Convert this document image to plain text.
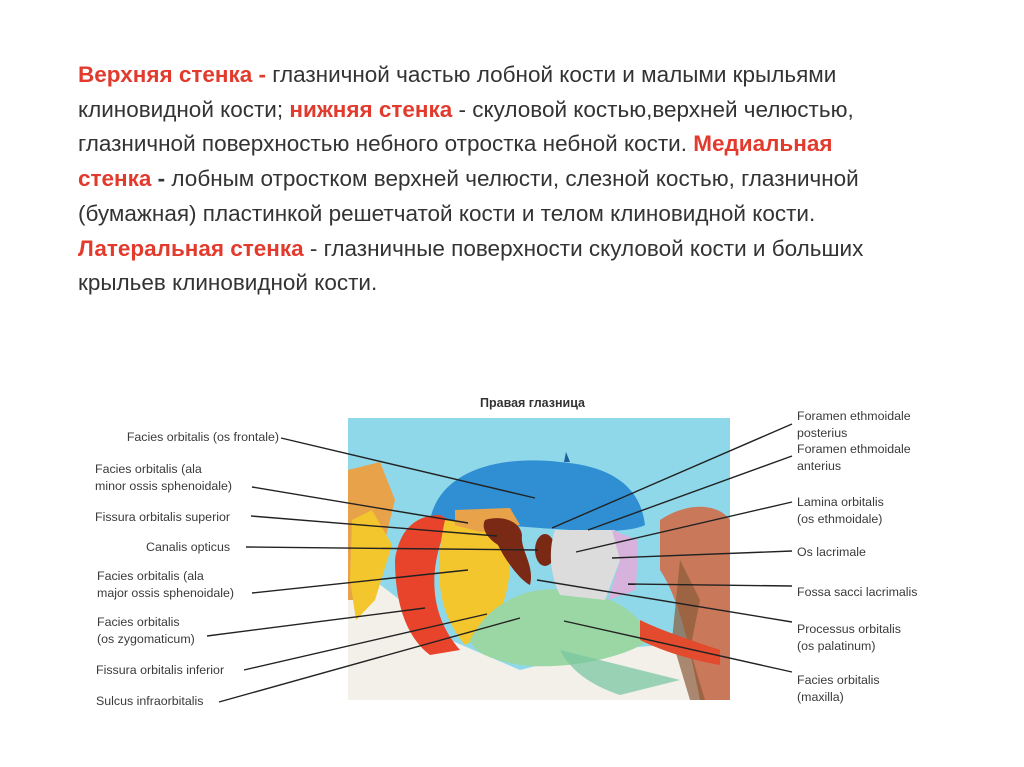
Верхняя стенка - глазничной частью лобной кости и малыми крыльями
клиновидной кости; нижняя стенка - скуловой костью,верхней челюстью,
глазничной поверхностью небного отростка небной кости. Медиальная
стенка - лобным отростком верхней челюсти, слезной костью, глазничной
(бумажная) пластинкой решетчатой кости и телом клиновидной кости.
Латеральная стенка - глазничные поверхности скуловой кости и больших
крыльев клиновидной кости.
Правая глазница
Facies orbitalis (os frontale)
Facies orbitalis (ala
minor ossis sphenoidale)
Fissura orbitalis superior
Canalis opticus
Facies orbitalis (ala
major ossis sphenoidale)
Facies orbitalis
(os zygomaticum)
Fissura orbitalis inferior
Sulcus infraorbitalis
Foramen ethmoidale
posterius
Foramen ethmoidale
anterius
Lamina orbitalis
(os ethmoidale)
Os lacrimale
Fossa sacci lacrimalis
Processus orbitalis
(os palatinum)
Facies orbitalis
(maxilla)
